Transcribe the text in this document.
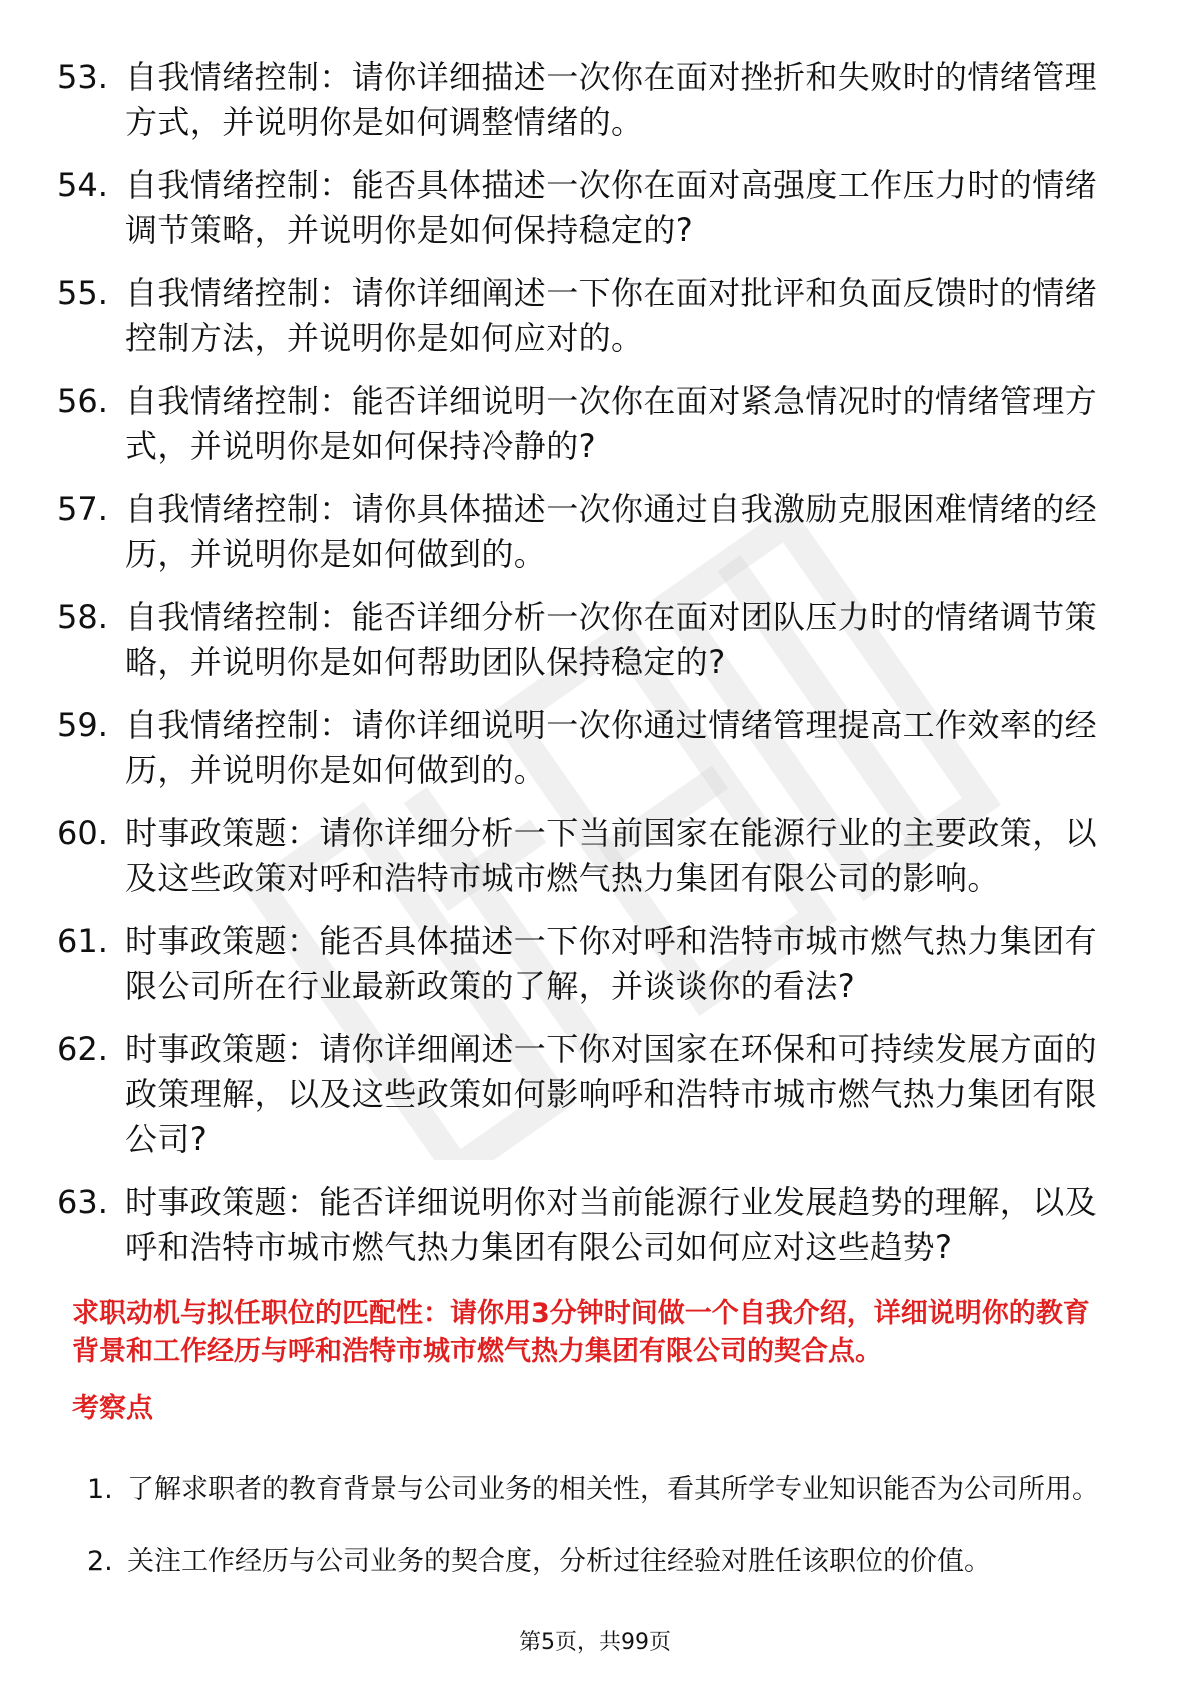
53. 自我情绪控制：请你详细描述一次你在面对挫折和失败时的情绪管理方式，并说明你是如何调整情绪的。
54. 自我情绪控制：能否具体描述一次你在面对高强度工作压力时的情绪调节策略，并说明你是如何保持稳定的?
55. 自我情绪控制：请你详细阐述一下你在面对批评和负面反馈时的情绪控制方法，并说明你是如何应对的。
56. 自我情绪控制：能否详细说明一次你在面对紧急情况时的情绪管理方式，并说明你是如何保持冷静的?
57. 自我情绪控制：请你具体描述一次你通过自我激励克服困难情绪的经历，并说明你是如何做到的。
58. 自我情绪控制：能否详细分析一次你在面对团队压力时的情绪调节策略，并说明你是如何帮助团队保持稳定的?
59. 自我情绪控制：请你详细说明一次你通过情绪管理提高工作效率的经历，并说明你是如何做到的。
60. 时事政策题：请你详细分析一下当前国家在能源行业的主要政策，以及这些政策对呼和浩特市城市燃气热力集团有限公司的影响。
61. 时事政策题：能否具体描述一下你对呼和浩特市城市燃气热力集团有限公司所在行业最新政策的了解，并谈谈你的看法?
62. 时事政策题：请你详细阐述一下你对国家在环保和可持续发展方面的政策理解，以及这些政策如何影响呼和浩特市城市燃气热力集团有限公司?
63. 时事政策题：能否详细说明你对当前能源行业发展趋势的理解，以及呼和浩特市城市燃气热力集团有限公司如何应对这些趋势?
求职动机与拟任职位的匹配性：请你用3分钟时间做一个自我介绍，详细说明你的教育背景和工作经历与呼和浩特市城市燃气热力集团有限公司的契合点。
考察点
1. 了解求职者的教育背景与公司业务的相关性，看其所学专业知识能否为公司所用。
2. 关注工作经历与公司业务的契合度，分析过往经验对胜任该职位的价值。
第5页，共99页
